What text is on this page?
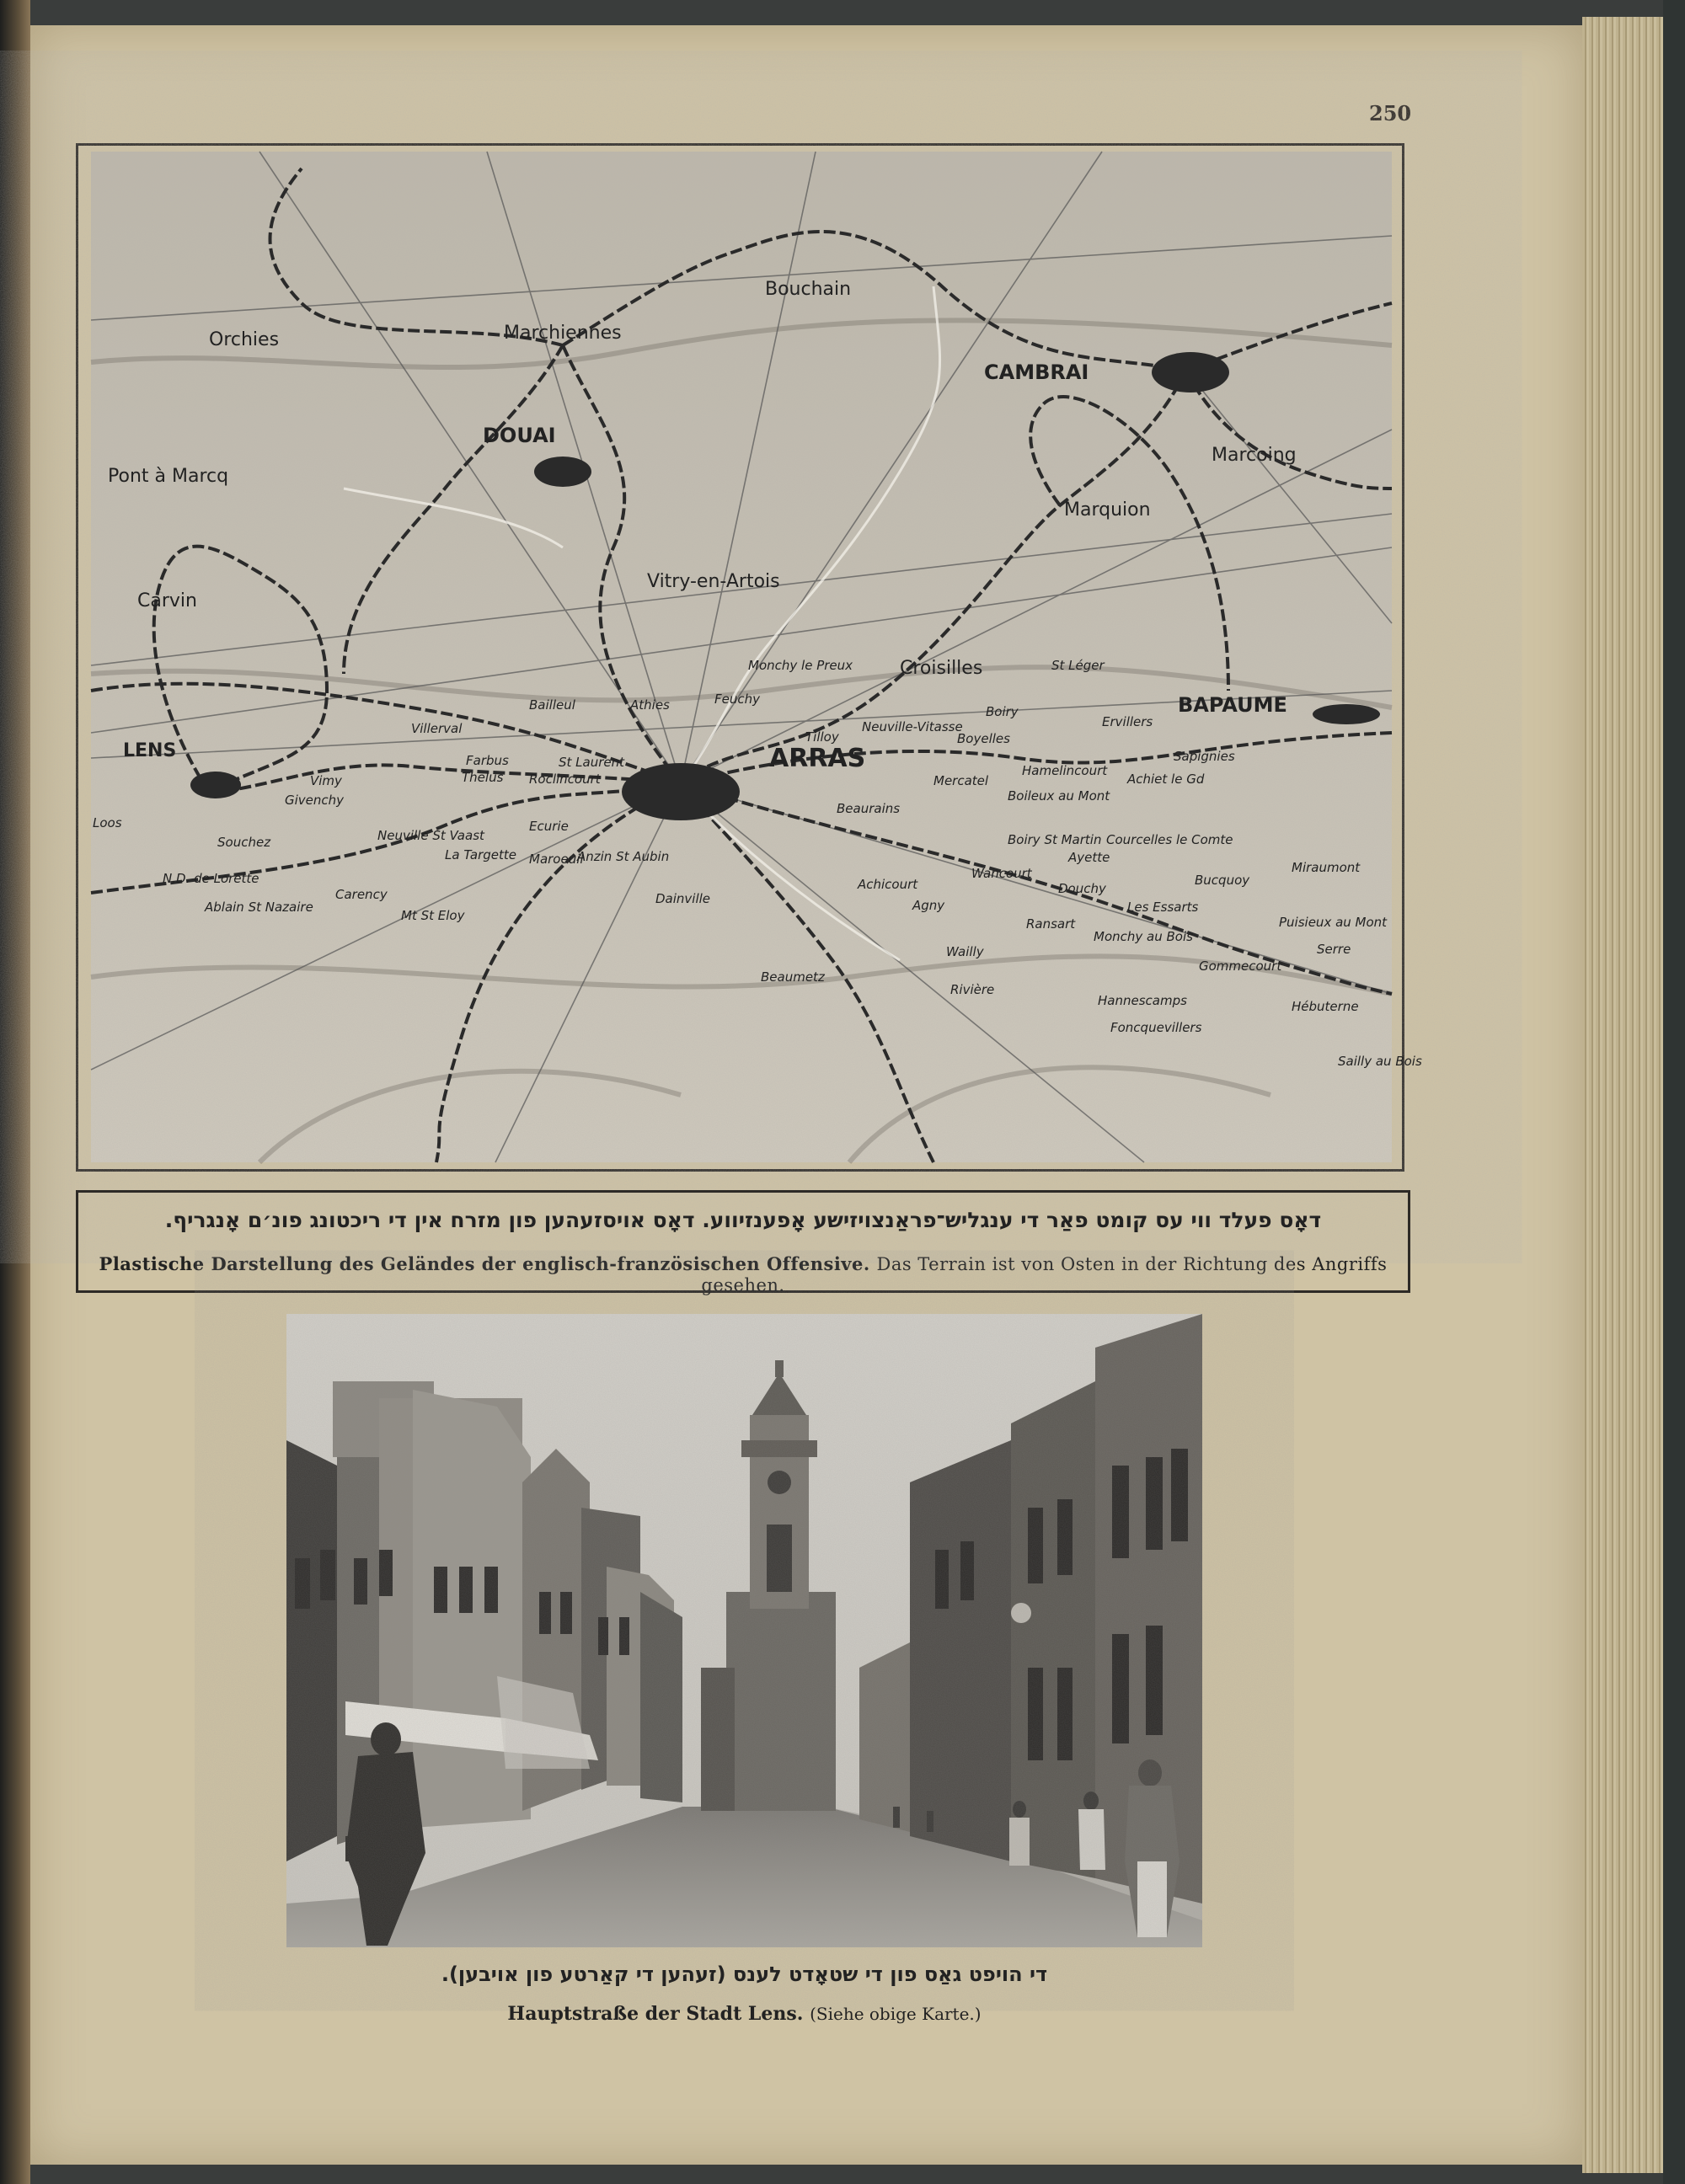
250
Orchies	Marchiennes
Bouchain
CAMBRAI
DOUAI
Pont à Marcq
Marcoing
Marquion
Vitry-en-Artois
Carvin
Croisilles
BAPAUME
LENS	ARRAS
Monchy le Preux	St Léger
Bailleul	Athies	Feuchy
Villerval
Tilloy
Neuville-Vitasse
Boiry
Ervillers
Boyelles
Sapignies
Farbus	St Laurent
Hamelincourt
Achiet le Gd
Vimy	Thelus Roclincourt	Mercatel
Boileux au Mont
Givenchy
Beaurains
Souchez	Neuville St Vaast
Ecurie
Boiry St Martin Courcelles le Comte
Miraumont
La Targette	Anzin St Aubin	Ayette
Maroeuil
Wancourt
Douchy
Bucquoy
Carency
Mt St Eloy
Dainville
Achicourt
Ablain St Nazaire	Agny	Les Essarts
Puisieux au Mont
Ransart
Monchy au Bois
Serre
Wailly
Gommecourt
Beaumetz
Rivière
Hannescamps	Hébuterne
Foncquevillers
Sailly au Bois
Loos
N.D. de Lorette
דאָס פעלד ווי עס קומט פאַר די ענגליש־פראַנצויזישע אָפענזיווע. דאָס אויסזעהען פון מזרח אין די ריכטונג פונ׳ם אָנגריף.
Plastische Darstellung des Geländes der englisch-französischen Offensive. Das Terrain ist von Osten in der Richtung des Angriffs gesehen.
די הויפט גאַס פון די שטאָדט לענס (זעהען די קאַרטע פון אויבען).
Hauptstraße der Stadt Lens. (Siehe obige Karte.)
